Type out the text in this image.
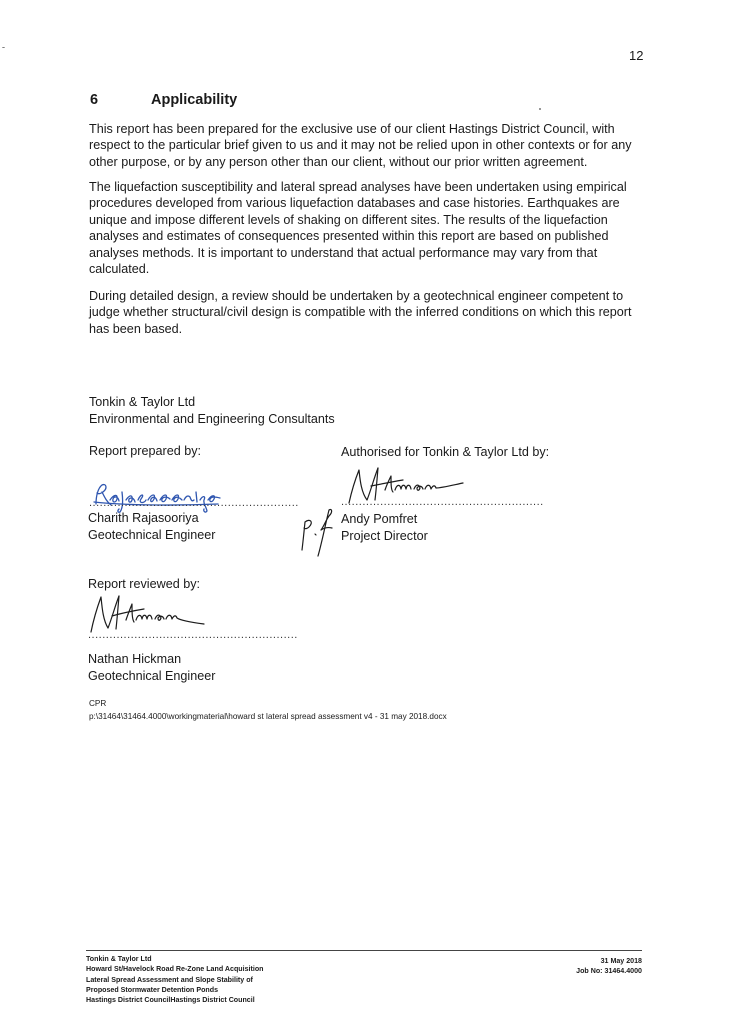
12
6	Applicability
This report has been prepared for the exclusive use of our client Hastings District Council, with respect to the particular brief given to us and it may not be relied upon in other contexts or for any other purpose, or by any person other than our client, without our prior written agreement.
The liquefaction susceptibility and lateral spread analyses have been undertaken using empirical procedures developed from various liquefaction databases and case histories. Earthquakes are unique and impose different levels of shaking on different sites. The results of the liquefaction analyses and estimates of consequences presented within this report are based on published analyses methods. It is important to understand that actual performance may vary from that calculated.
During detailed design, a review should be undertaken by a geotechnical engineer competent to judge whether structural/civil design is compatible with the inferred conditions on which this report has been based.
Tonkin & Taylor Ltd
Environmental and Engineering Consultants
Report prepared by:
...........................................................
Charith Rajasooriya
Geotechnical Engineer
Authorised for Tonkin & Taylor Ltd by:
.........................................................
Andy Pomfret
Project Director
Report reviewed by:
...........................................................
Nathan Hickman
Geotechnical Engineer
CPR
p:\31464\31464.4000\workingmaterial\howard st lateral spread assessment v4 - 31 may 2018.docx
Tonkin & Taylor Ltd
Howard St/Havelock Road Re-Zone Land Acquisition
Lateral Spread Assessment and Slope Stability of
Proposed Stormwater Detention Ponds
Hastings District CouncilHastings District Council
31 May 2018
Job No: 31464.4000
